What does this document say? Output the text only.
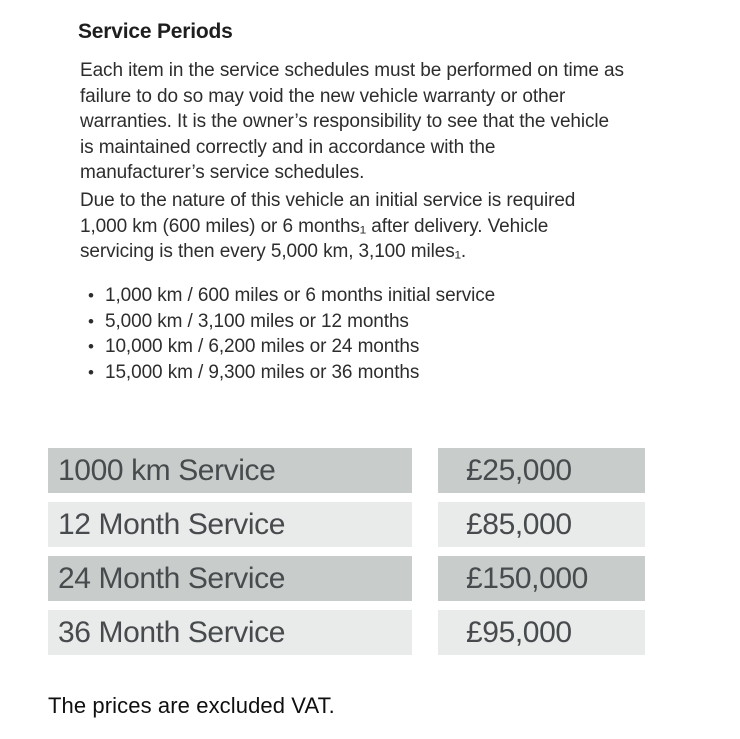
Service Periods
Each item in the service schedules must be performed on time as
failure to do so may void the new vehicle warranty or other
warranties. It is the owner’s responsibility to see that the vehicle
is maintained correctly and in accordance with the
manufacturer’s service schedules.
Due to the nature of this vehicle an initial service is required
1,000 km (600 miles) or 6 months₁ after delivery. Vehicle
servicing is then every 5,000 km, 3,100 miles₁.
• 1,000 km / 600 miles or 6 months initial service
• 5,000 km / 3,100 miles or 12 months
• 10,000 km / 6,200 miles or 24 months
• 15,000 km / 9,300 miles or 36 months
1000 km Service	£25,000
12 Month Service	£85,000
24 Month Service	£150,000
36 Month Service	£95,000
The prices are excluded VAT.
